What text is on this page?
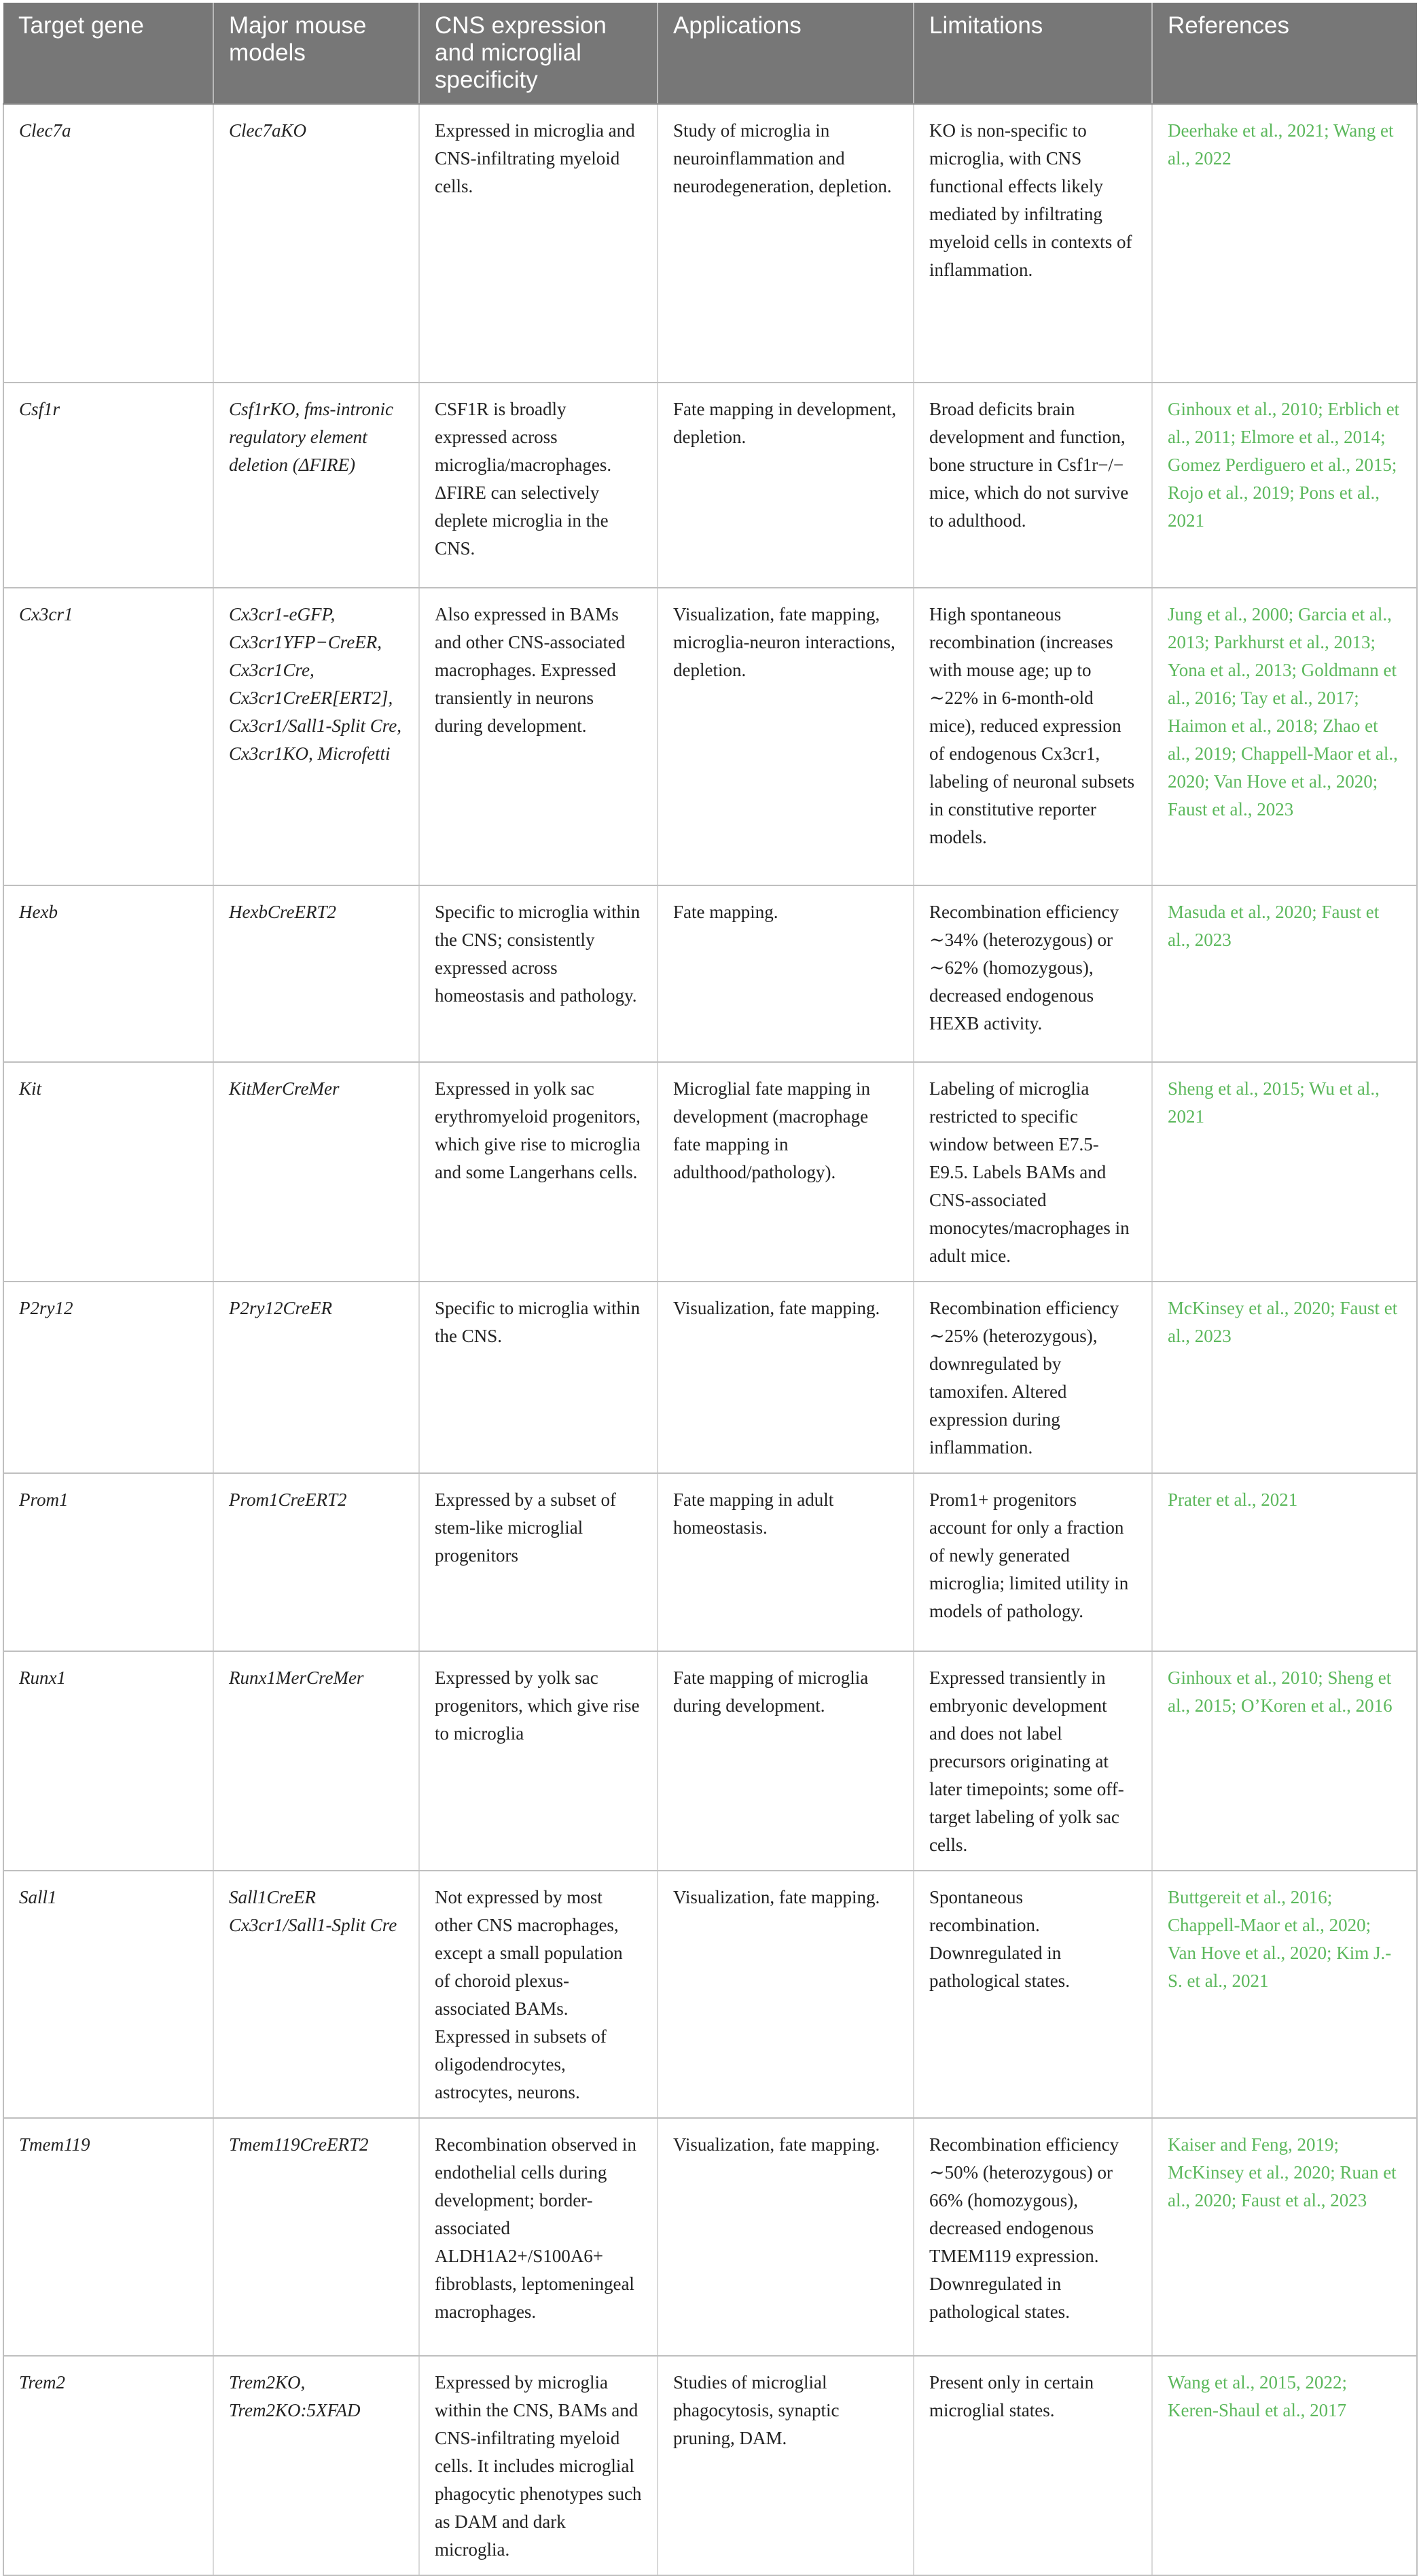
Target gene	Major mouse models	CNS expression and microglial specificity	Applications	Limitations	References
Clec7a	Clec7aKO	Expressed in microglia and CNS-infiltrating myeloid cells.	Study of microglia in neuroinflammation and neurodegeneration, depletion.	KO is non-specific to microglia, with CNS functional effects likely mediated by infiltrating myeloid cells in contexts of inflammation.	Deerhake et al., 2021; Wang et al., 2022
Csf1r	Csf1rKO, fms-intronic regulatory element deletion (ΔFIRE)	CSF1R is broadly expressed across microglia/macrophages. ΔFIRE can selectively deplete microglia in the CNS.	Fate mapping in development, depletion.	Broad deficits brain development and function, bone structure in Csf1r−/− mice, which do not survive to adulthood.	Ginhoux et al., 2010; Erblich et al., 2011; Elmore et al., 2014; Gomez Perdiguero et al., 2015; Rojo et al., 2019; Pons et al., 2021
Cx3cr1	Cx3cr1-eGFP, Cx3cr1YFP−CreER, Cx3cr1Cre, Cx3cr1CreER[ERT2], Cx3cr1/Sall1-Split Cre, Cx3cr1KO, Microfetti	Also expressed in BAMs and other CNS-associated macrophages. Expressed transiently in neurons during development.	Visualization, fate mapping, microglia-neuron interactions, depletion.	High spontaneous recombination (increases with mouse age; up to ∼22% in 6-month-old mice), reduced expression of endogenous Cx3cr1, labeling of neuronal subsets in constitutive reporter models.	Jung et al., 2000; Garcia et al., 2013; Parkhurst et al., 2013; Yona et al., 2013; Goldmann et al., 2016; Tay et al., 2017; Haimon et al., 2018; Zhao et al., 2019; Chappell-Maor et al., 2020; Van Hove et al., 2020; Faust et al., 2023
Hexb	HexbCreERT2	Specific to microglia within the CNS; consistently expressed across homeostasis and pathology.	Fate mapping.	Recombination efficiency ∼34% (heterozygous) or ∼62% (homozygous), decreased endogenous HEXB activity.	Masuda et al., 2020; Faust et al., 2023
Kit	KitMerCreMer	Expressed in yolk sac erythromyeloid progenitors, which give rise to microglia and some Langerhans cells.	Microglial fate mapping in development (macrophage fate mapping in adulthood/pathology).	Labeling of microglia restricted to specific window between E7.5-E9.5. Labels BAMs and CNS-associated monocytes/macrophages in adult mice.	Sheng et al., 2015; Wu et al., 2021
P2ry12	P2ry12CreER	Specific to microglia within the CNS.	Visualization, fate mapping.	Recombination efficiency ∼25% (heterozygous), downregulated by tamoxifen. Altered expression during inflammation.	McKinsey et al., 2020; Faust et al., 2023
Prom1	Prom1CreERT2	Expressed by a subset of stem-like microglial progenitors	Fate mapping in adult homeostasis.	Prom1+ progenitors account for only a fraction of newly generated microglia; limited utility in models of pathology.	Prater et al., 2021
Runx1	Runx1MerCreMer	Expressed by yolk sac progenitors, which give rise to microglia	Fate mapping of microglia during development.	Expressed transiently in embryonic development and does not label precursors originating at later timepoints; some off-target labeling of yolk sac cells.	Ginhoux et al., 2010; Sheng et al., 2015; O’Koren et al., 2016
Sall1	Sall1CreER Cx3cr1/Sall1-Split Cre	Not expressed by most other CNS macrophages, except a small population of choroid plexus-associated BAMs. Expressed in subsets of oligodendrocytes, astrocytes, neurons.	Visualization, fate mapping.	Spontaneous recombination. Downregulated in pathological states.	Buttgereit et al., 2016; Chappell-Maor et al., 2020; Van Hove et al., 2020; Kim J.-S. et al., 2021
Tmem119	Tmem119CreERT2	Recombination observed in endothelial cells during development; border-associated ALDH1A2+/S100A6+ fibroblasts, leptomeningeal macrophages.	Visualization, fate mapping.	Recombination efficiency ∼50% (heterozygous) or 66% (homozygous), decreased endogenous TMEM119 expression. Downregulated in pathological states.	Kaiser and Feng, 2019; McKinsey et al., 2020; Ruan et al., 2020; Faust et al., 2023
Trem2	Trem2KO, Trem2KO:5XFAD	Expressed by microglia within the CNS, BAMs and CNS-infiltrating myeloid cells. It includes microglial phagocytic phenotypes such as DAM and dark microglia.	Studies of microglial phagocytosis, synaptic pruning, DAM.	Present only in certain microglial states.	Wang et al., 2015, 2022; Keren-Shaul et al., 2017
